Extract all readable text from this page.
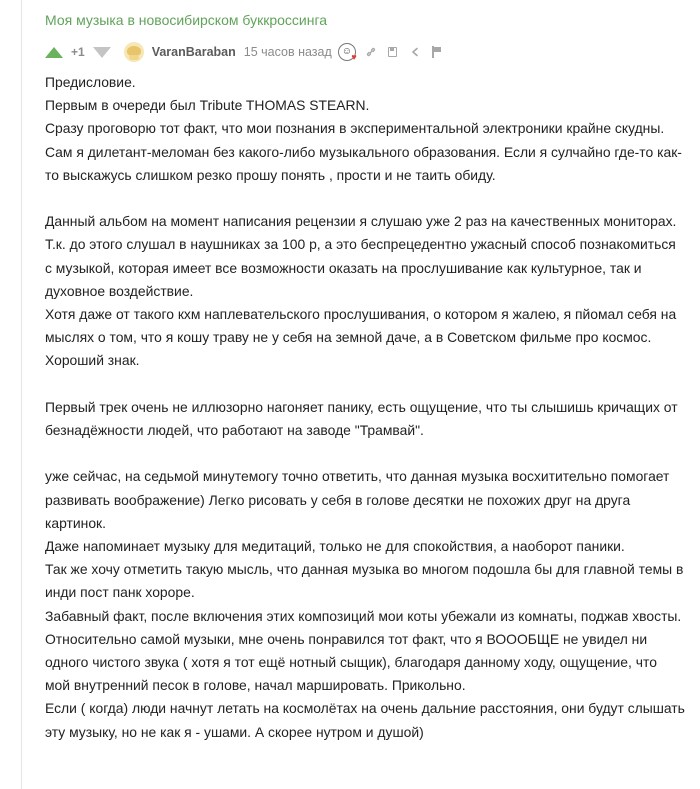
Моя музыка в новосибирском буккроссинга
+1	VaranBaraban 15 часов назад ☺ ♥
Предисловие.
Первым в очереди был Tribute THOMAS STEARN.
Сразу проговорю тот факт, что мои познания в экспериментальной электроники крайне скудны.
Сам я дилетант-меломан без какого-либо музыкального образования. Если я сулчайно где-то как-то выскажусь слишком резко прошу понять , прости и не таить обиду.
Данный альбом на момент написания рецензии я слушаю уже 2 раз на качественных мониторах.
Т.к. до этого слушал в наушниках за 100 р, а это беспрецедентно ужасный способ познакомиться с музыкой, которая имеет все возможности оказать на прослушивание как культурное, так и духовное воздействие.
Хотя даже от такого кхм наплевательского прослушивания, о котором я жалею, я пйомал себя на мыслях о том, что я кошу траву не у себя на земной даче, а в Советском фильме про космос.
Хороший знак.
Первый трек очень не иллюзорно нагоняет панику, есть ощущение, что ты слышишь кричащих от безнадёжности людей, что работают на заводе "Трамвай".
уже сейчас, на седьмой минутемогу точно ответить, что данная музыка восхитительно помогает развивать воображение) Легко рисовать у себя в голове десятки не похожих друг на друга картинок.
Даже напоминает музыку для медитаций, только не для спокойствия, а наоборот паники.
Так же хочу отметить такую мысль, что данная музыка во многом подошла бы для главной темы в инди пост панк хороре.
Забавный факт, после включения этих композиций мои коты убежали из комнаты, поджав хвосты.
Относительно самой музыки, мне очень понравился тот факт, что я ВОООБЩЕ не увидел ни одного чистого звука ( хотя я тот ещё нотный сыщик), благодаря данному ходу, ощущение, что мой внутренний песок в голове, начал маршировать. Прикольно.
Если ( когда) люди начнут летать на космолётах на очень дальние расстояния, они будут слышать эту музыку, но не как я - ушами. А скорее нутром и душой)
